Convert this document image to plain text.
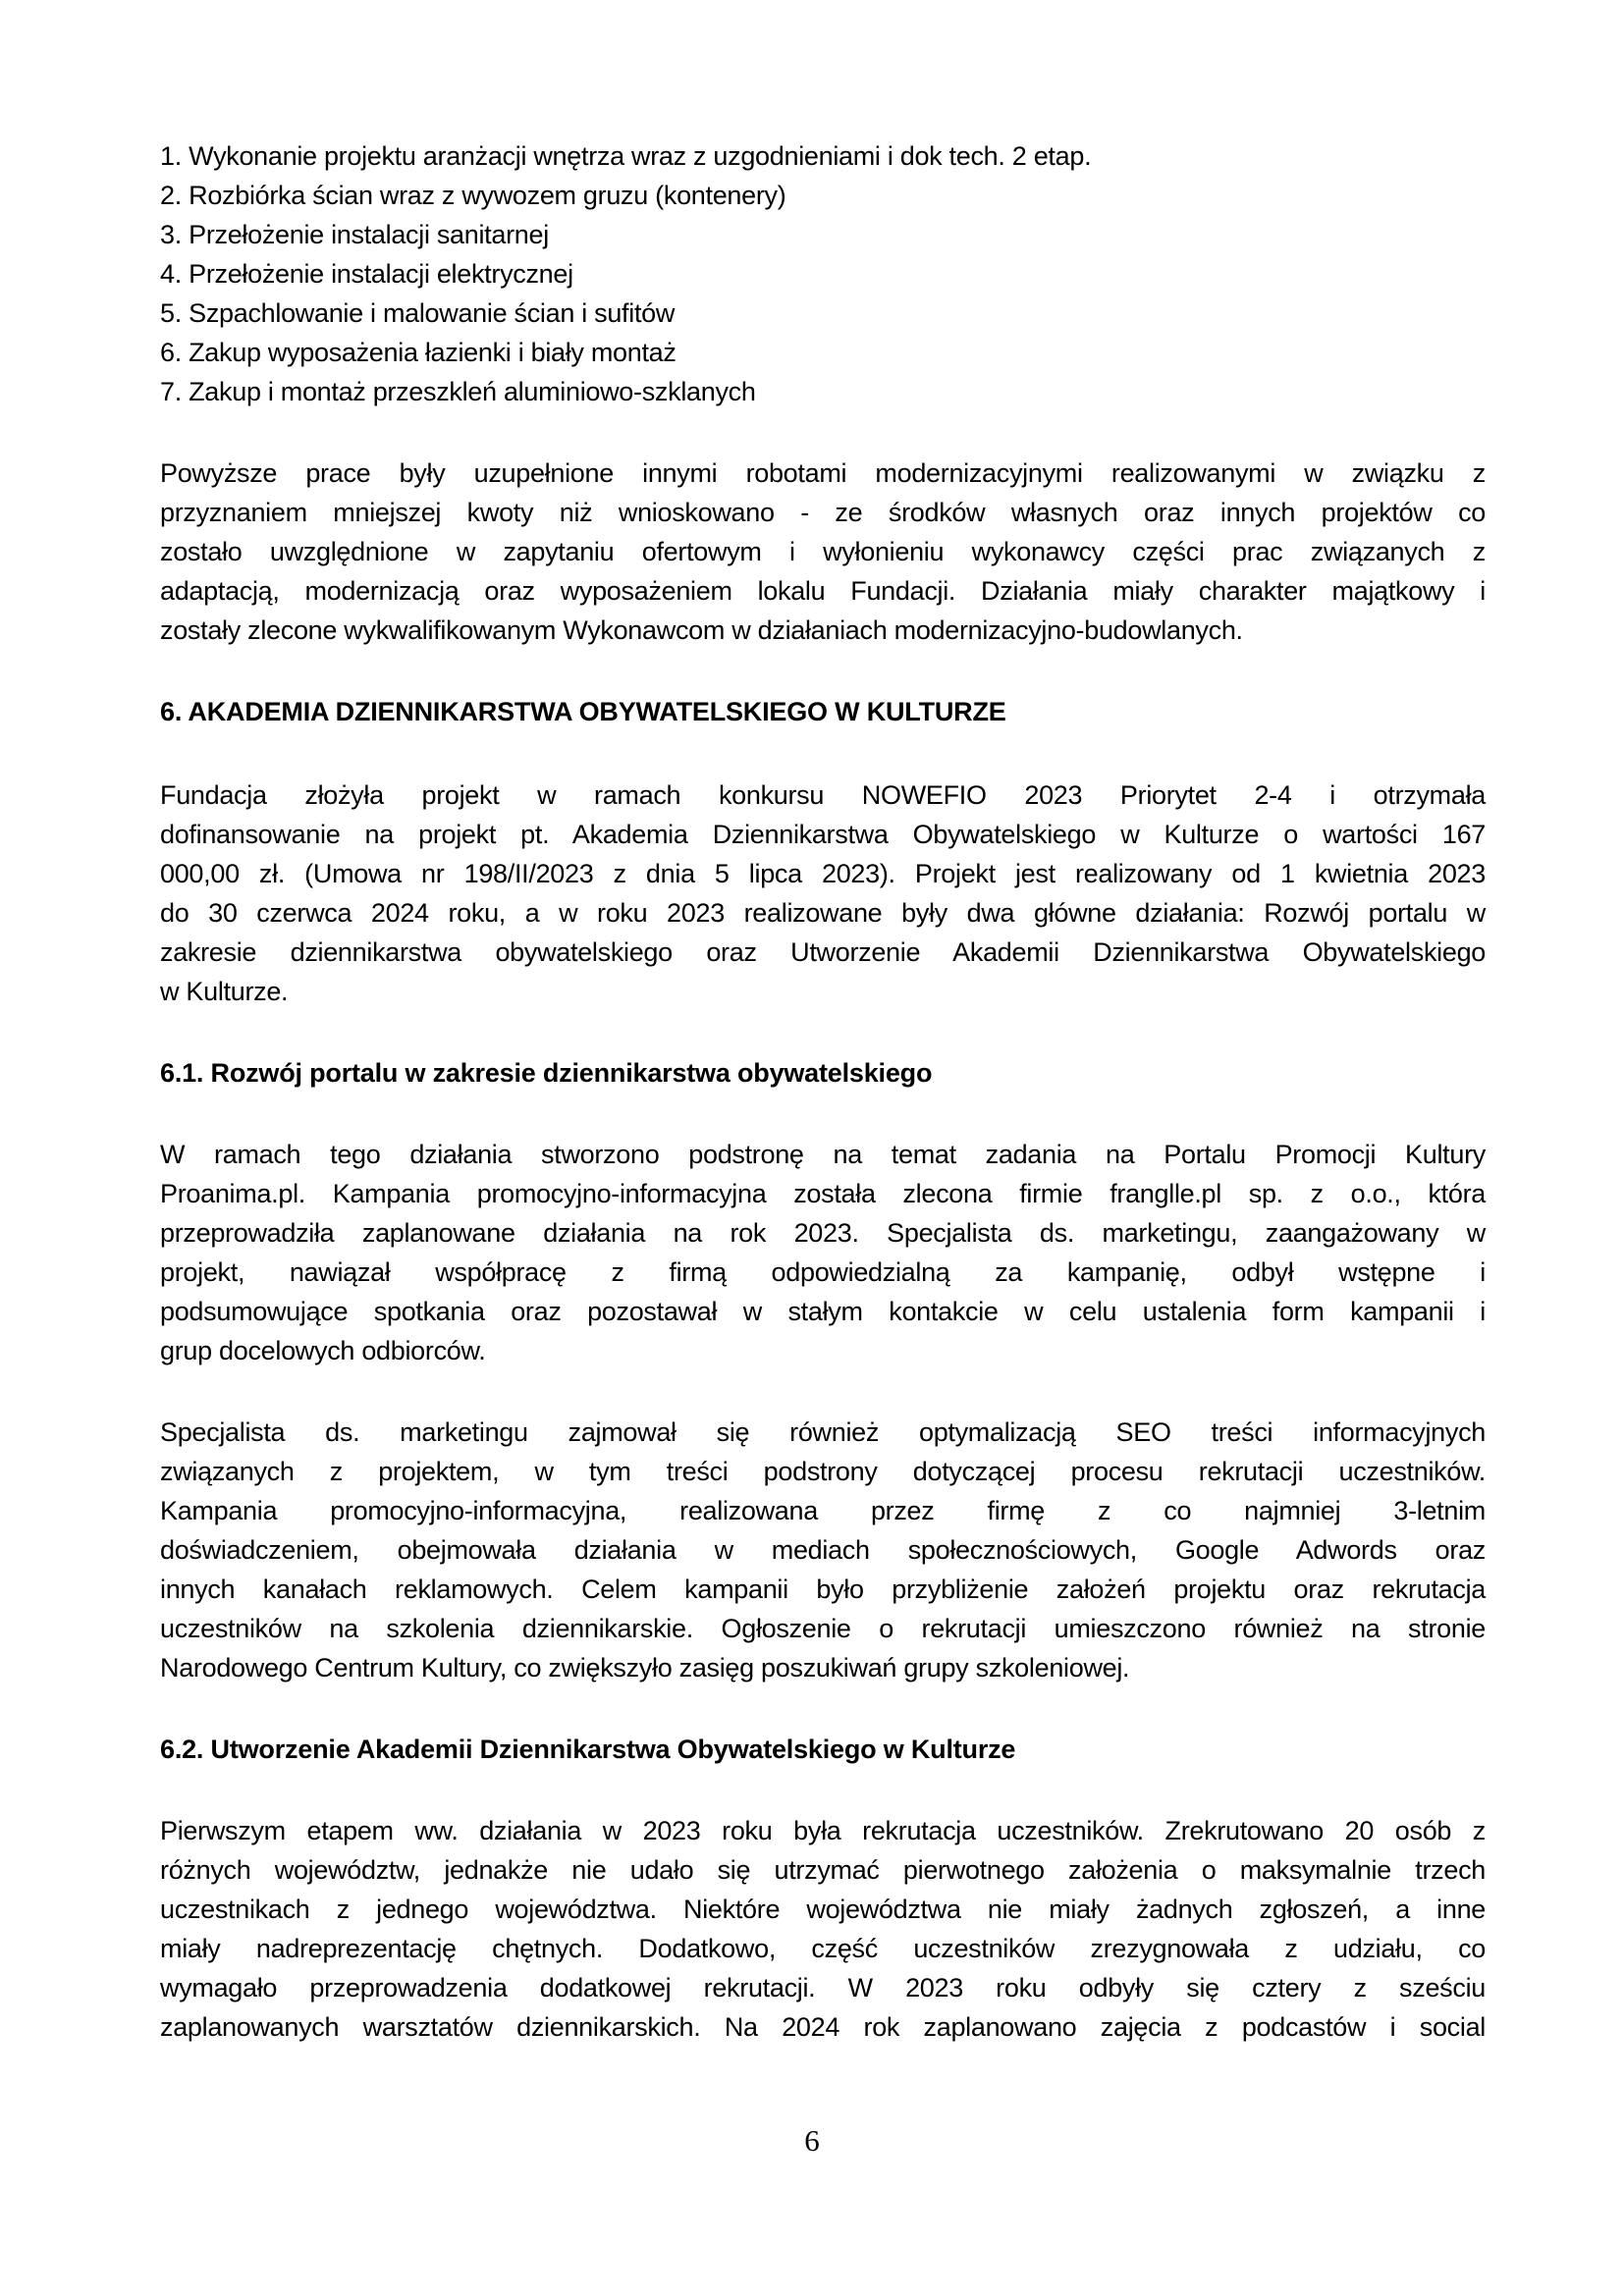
1. Wykonanie projektu aranżacji wnętrza wraz z uzgodnieniami i dok tech. 2 etap.
2. Rozbiórka ścian wraz z wywozem gruzu (kontenery)
3. Przełożenie instalacji sanitarnej
4. Przełożenie instalacji elektrycznej
5. Szpachlowanie i malowanie ścian i sufitów
6. Zakup wyposażenia łazienki i biały montaż
7. Zakup i montaż przeszkleń aluminiowo-szklanych
Powyższe prace były uzupełnione innymi robotami modernizacyjnymi realizowanymi w związku z
przyznaniem mniejszej kwoty niż wnioskowano - ze środków własnych oraz innych projektów co
zostało uwzględnione w zapytaniu ofertowym i wyłonieniu wykonawcy części prac związanych z
adaptacją, modernizacją oraz wyposażeniem lokalu Fundacji. Działania miały charakter majątkowy i
zostały zlecone wykwalifikowanym Wykonawcom w działaniach modernizacyjno-budowlanych.
6. AKADEMIA DZIENNIKARSTWA OBYWATELSKIEGO W KULTURZE
Fundacja złożyła projekt w ramach konkursu NOWEFIO 2023 Priorytet 2-4 i otrzymała
dofinansowanie na projekt pt. Akademia Dziennikarstwa Obywatelskiego w Kulturze o wartości 167
000,00 zł. (Umowa nr 198/II/2023 z dnia 5 lipca 2023). Projekt jest realizowany od 1 kwietnia 2023
do 30 czerwca 2024 roku, a w roku 2023 realizowane były dwa główne działania: Rozwój portalu w
zakresie dziennikarstwa obywatelskiego oraz Utworzenie Akademii Dziennikarstwa Obywatelskiego
w Kulturze.
6.1. Rozwój portalu w zakresie dziennikarstwa obywatelskiego
W ramach tego działania stworzono podstronę na temat zadania na Portalu Promocji Kultury
Proanima.pl. Kampania promocyjno-informacyjna została zlecona firmie franglle.pl sp. z o.o., która
przeprowadziła zaplanowane działania na rok 2023. Specjalista ds. marketingu, zaangażowany w
projekt, nawiązał współpracę z firmą odpowiedzialną za kampanię, odbył wstępne i
podsumowujące spotkania oraz pozostawał w stałym kontakcie w celu ustalenia form kampanii i
grup docelowych odbiorców.
Specjalista ds. marketingu zajmował się również optymalizacją SEO treści informacyjnych
związanych z projektem, w tym treści podstrony dotyczącej procesu rekrutacji uczestników.
Kampania promocyjno-informacyjna, realizowana przez firmę z co najmniej 3-letnim
doświadczeniem, obejmowała działania w mediach społecznościowych, Google Adwords oraz
innych kanałach reklamowych. Celem kampanii było przybliżenie założeń projektu oraz rekrutacja
uczestników na szkolenia dziennikarskie. Ogłoszenie o rekrutacji umieszczono również na stronie
Narodowego Centrum Kultury, co zwiększyło zasięg poszukiwań grupy szkoleniowej.
6.2. Utworzenie Akademii Dziennikarstwa Obywatelskiego w Kulturze
Pierwszym etapem ww. działania w 2023 roku była rekrutacja uczestników. Zrekrutowano 20 osób z
różnych województw, jednakże nie udało się utrzymać pierwotnego założenia o maksymalnie trzech
uczestnikach z jednego województwa. Niektóre województwa nie miały żadnych zgłoszeń, a inne
miały nadreprezentację chętnych. Dodatkowo, część uczestników zrezygnowała z udziału, co
wymagało przeprowadzenia dodatkowej rekrutacji. W 2023 roku odbyły się cztery z sześciu
zaplanowanych warsztatów dziennikarskich. Na 2024 rok zaplanowano zajęcia z podcastów i social
6
